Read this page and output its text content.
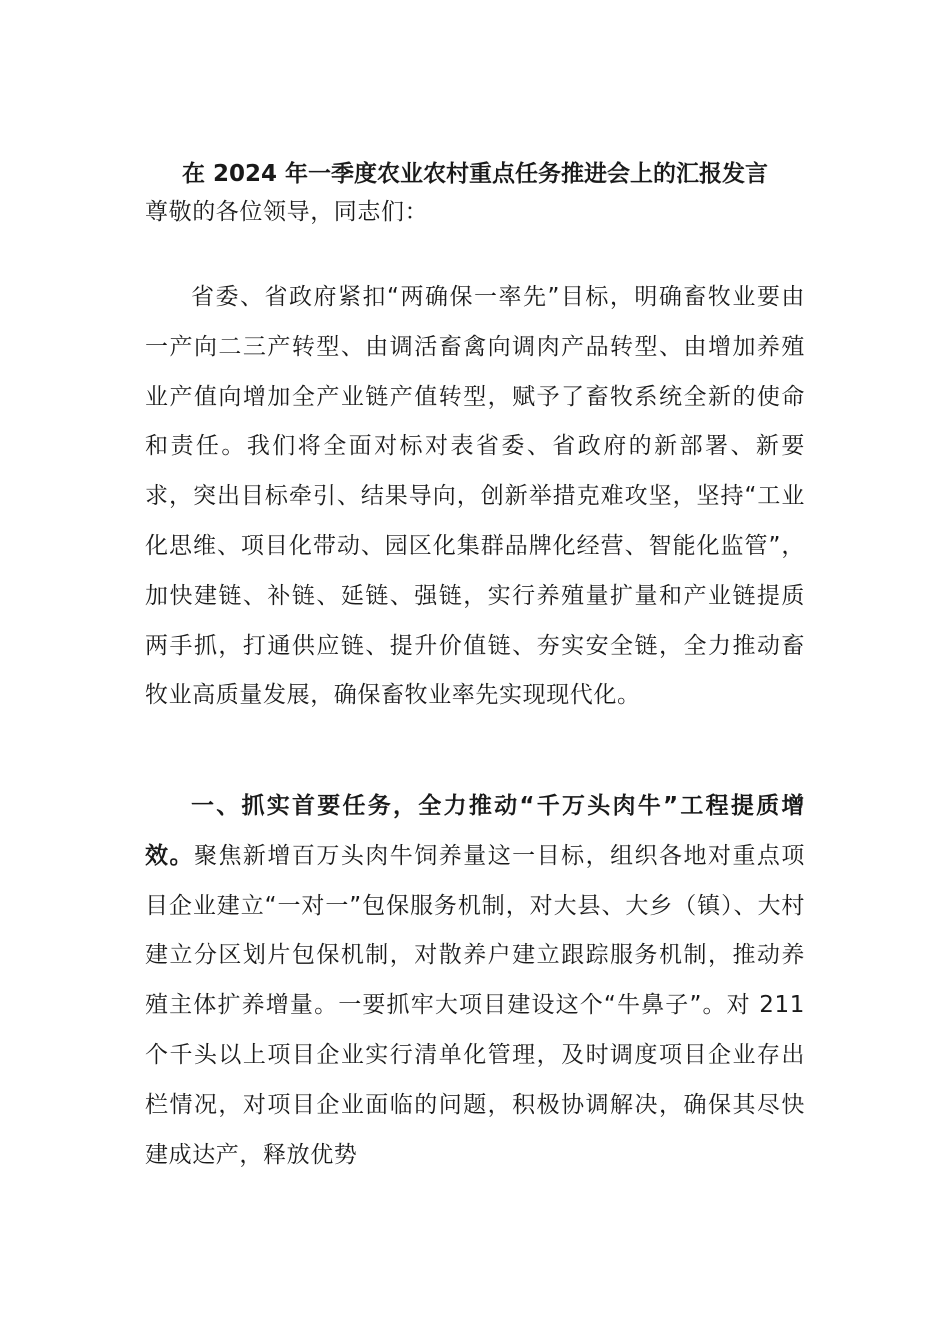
在 2024 年一季度农业农村重点任务推进会上的汇报发言
尊敬的各位领导，同志们：
省委、省政府紧扣“两确保一率先”目标，明确畜牧业要由一产向二三产转型、由调活畜禽向调肉产品转型、由增加养殖业产值向增加全产业链产值转型，赋予了畜牧系统全新的使命和责任。我们将全面对标对表省委、省政府的新部署、新要求，突出目标牵引、结果导向，创新举措克难攻坚，坚持“工业化思维、项目化带动、园区化集群品牌化经营、智能化监管”，加快建链、补链、延链、强链，实行养殖量扩量和产业链提质两手抓，打通供应链、提升价值链、夯实安全链，全力推动畜牧业高质量发展，确保畜牧业率先实现现代化。
一、抓实首要任务，全力推动“千万头肉牛”工程提质增效。聚焦新增百万头肉牛饲养量这一目标，组织各地对重点项目企业建立“一对一”包保服务机制，对大县、大乡（镇）、大村建立分区划片包保机制，对散养户建立跟踪服务机制，推动养殖主体扩养增量。一要抓牢大项目建设这个“牛鼻子”。对 211 个千头以上项目企业实行清单化管理，及时调度项目企业存出栏情况，对项目企业面临的问题，积极协调解决，确保其尽快建成达产，释放优势
